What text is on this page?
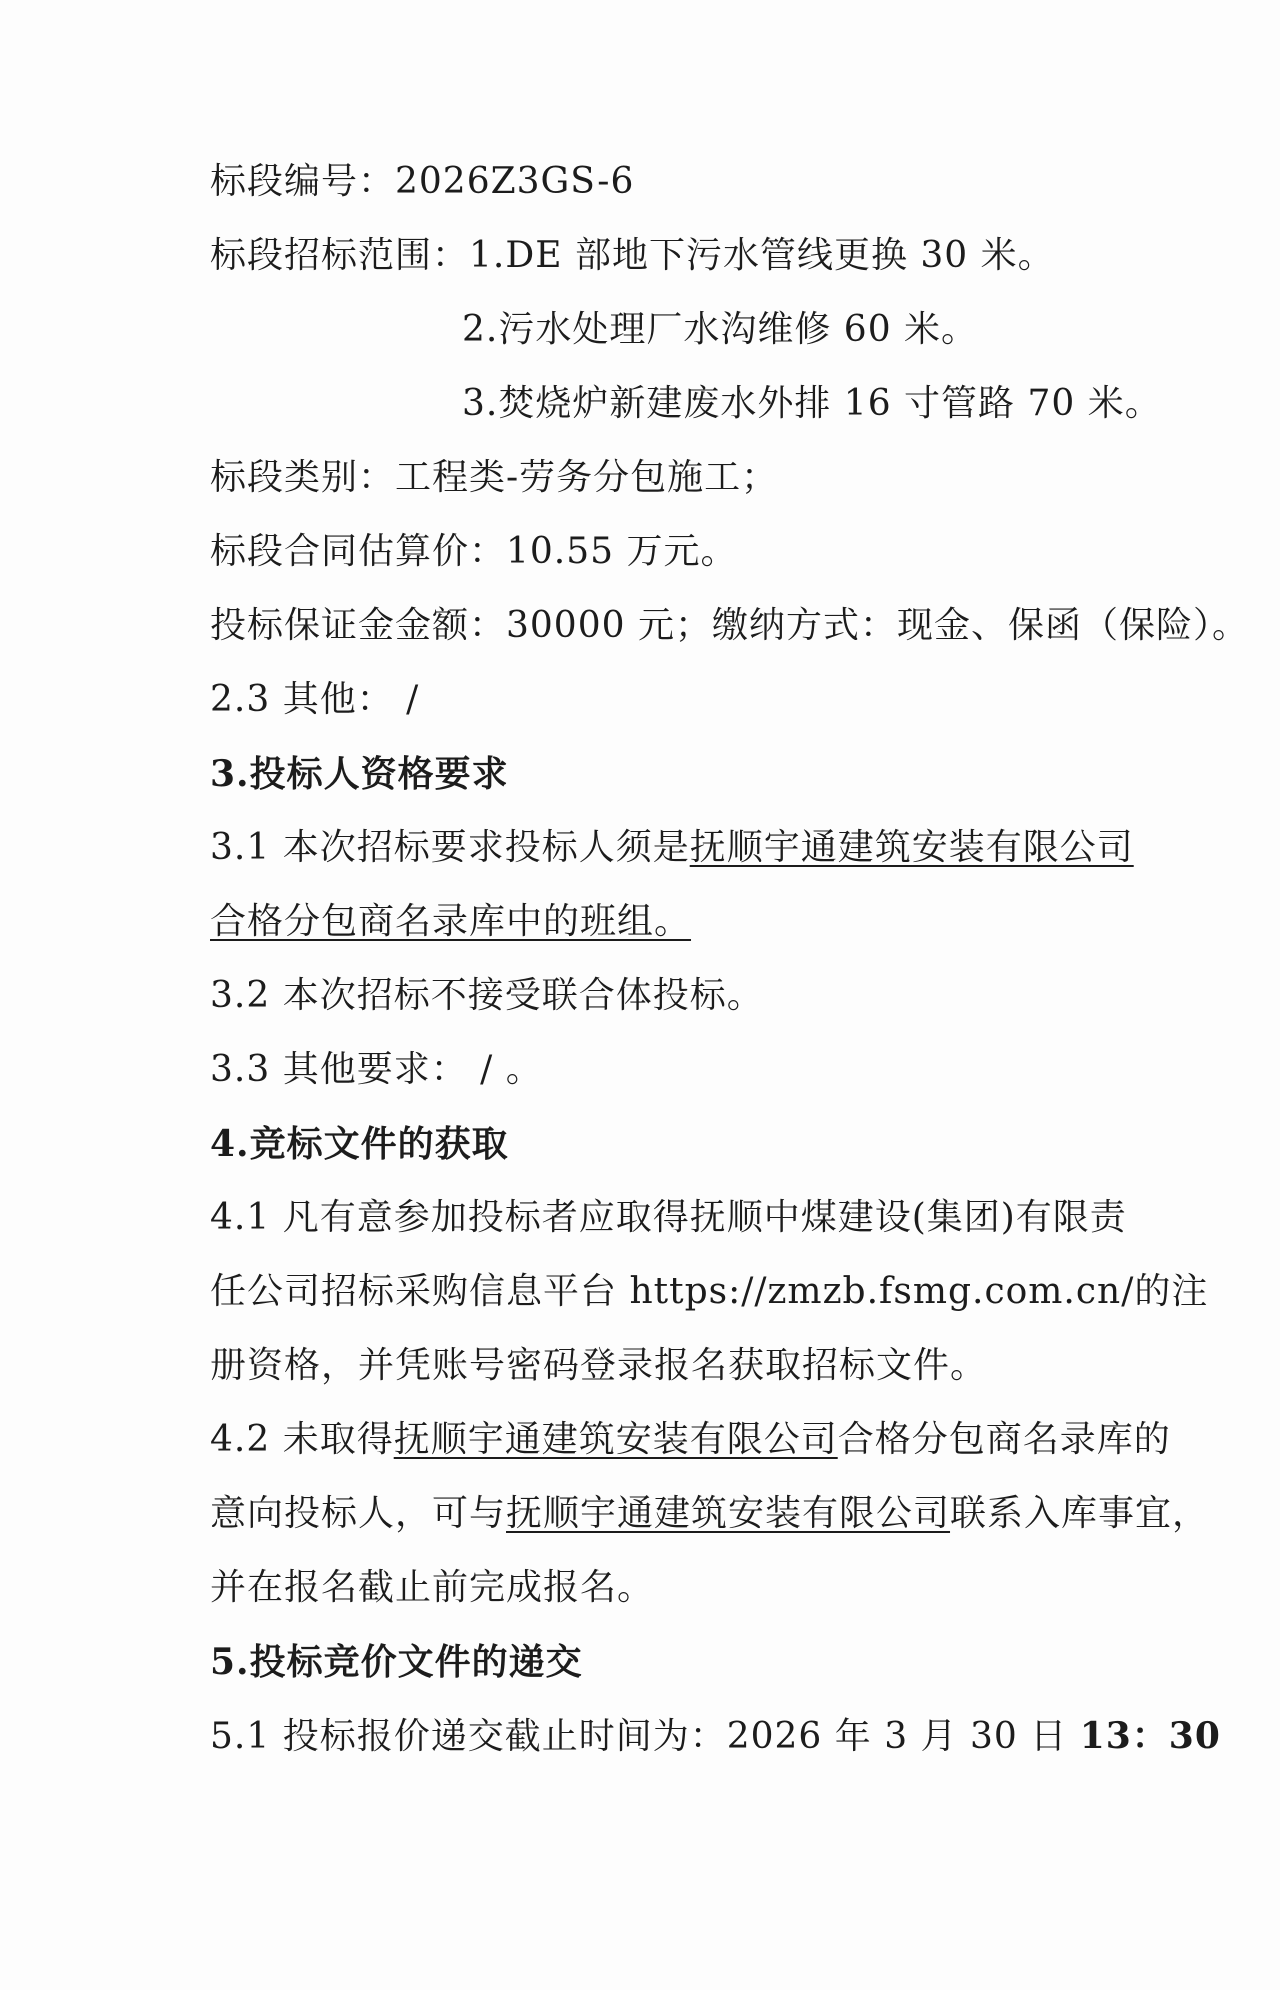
标段编号：2026Z3GS-6
标段招标范围：1.DE 部地下污水管线更换 30 米。
2.污水处理厂水沟维修 60 米。
3.焚烧炉新建废水外排 16 寸管路 70 米。
标段类别：工程类-劳务分包施工；
标段合同估算价：10.55 万元。
投标保证金金额：30000 元；缴纳方式：现金、保函（保险）。
2.3 其他： /
3.投标人资格要求
3.1 本次招标要求投标人须是抚顺宇通建筑安装有限公司
合格分包商名录库中的班组。
3.2 本次招标不接受联合体投标。
3.3 其他要求： / 。
4.竞标文件的获取
4.1 凡有意参加投标者应取得抚顺中煤建设(集团)有限责
任公司招标采购信息平台 https://zmzb.fsmg.com.cn/的注
册资格，并凭账号密码登录报名获取招标文件。
4.2 未取得抚顺宇通建筑安装有限公司合格分包商名录库的
意向投标人，可与抚顺宇通建筑安装有限公司联系入库事宜，
并在报名截止前完成报名。
5.投标竞价文件的递交
5.1 投标报价递交截止时间为：2026 年 3 月 30 日 13：30
